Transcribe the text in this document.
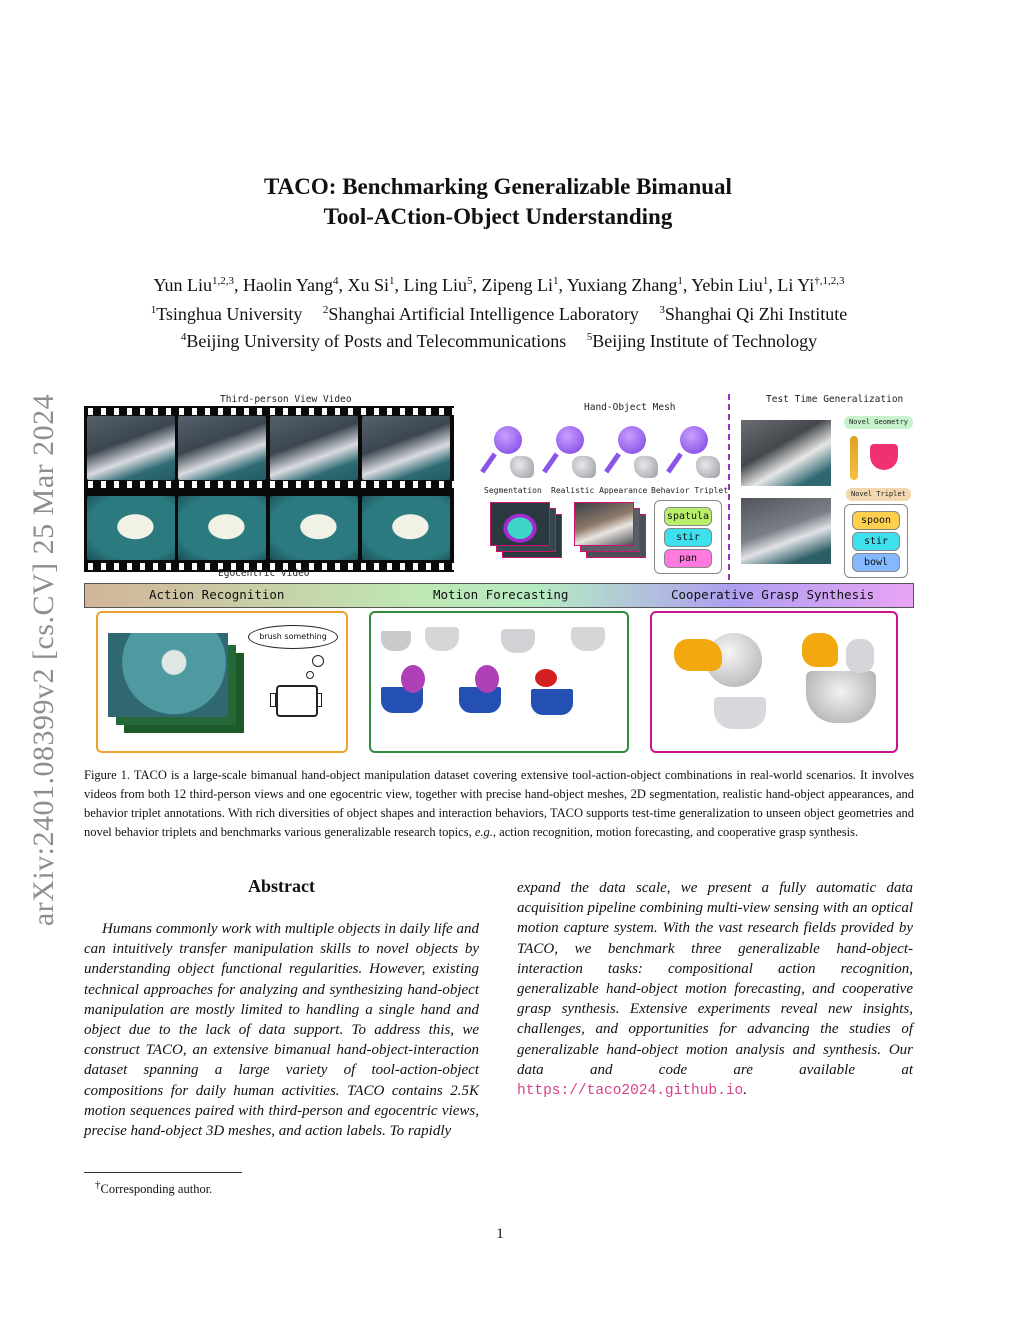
arXiv:2401.08399v2 [cs.CV] 25 Mar 2024
TACO: Benchmarking Generalizable Bimanual
Tool-ACtion-Object Understanding
Yun Liu$^{1,2,3}$, Haolin Yang$^4$, Xu Si$^1$, Ling Liu$^5$, Zipeng Li$^1$, Yuxiang Zhang$^1$, Yebin Liu$^1$, Li $Yi^{\dagger,1,2,3}$
$^1$Tsinghua University $^2$Shanghai Artificial Intelligence Laboratory $^3$Shanghai Qi Zhi Institute
$^4$Beijing University of Posts and Telecommunications $^5$Beijing Institute of Technology
Third-person View Video
Egocentric Video
Hand-Object Mesh
Segmentation Realistic Appearance Behavior Triplet
spatula
stir
pan
Test Time Generalization
Novel Geometry
Novel Triplet
spoon
stir
bowl
Action Recognition	Motion Forecasting	Cooperative Grasp Synthesis
brush something
Figure 1. TACO is a large-scale bimanual hand-object manipulation dataset covering extensive tool-action-object combinations in real-world scenarios. It involves videos from both 12 third-person views and one egocentric view, together with precise hand-object meshes, 2D segmentation, realistic hand-object appearances, and behavior triplet annotations. With rich diversities of object shapes and interaction behaviors, TACO supports test-time generalization to unseen object geometries and novel behavior triplets and benchmarks various generalizable research topics, e.g., action recognition, motion forecasting, and cooperative grasp synthesis.
Abstract

Humans commonly work with multiple objects in daily life and can intuitively transfer manipulation skills to novel objects by understanding object functional regularities. However, existing technical approaches for analyzing and synthesizing hand-object manipulation are mostly limited to handling a single hand and object due to the lack of data support. To address this, we construct TACO, an extensive bimanual hand-object-interaction dataset spanning a large variety of tool-action-object compositions for daily human activities. TACO contains 2.5K motion sequences paired with third-person and egocentric views, precise hand-object 3D meshes, and action labels. To rapidly

expand the data scale, we present a fully automatic data acquisition pipeline combining multi-view sensing with an optical motion capture system. With the vast research fields provided by TACO, we benchmark three generalizable hand-object-interaction tasks: compositional action recognition, generalizable hand-object motion forecasting, and cooperative grasp synthesis. Extensive experiments reveal new insights, challenges, and opportunities for advancing the studies of generalizable hand-object motion analysis and synthesis. Our data and code are available at https://taco2024.github.io.

†Corresponding author.
1
